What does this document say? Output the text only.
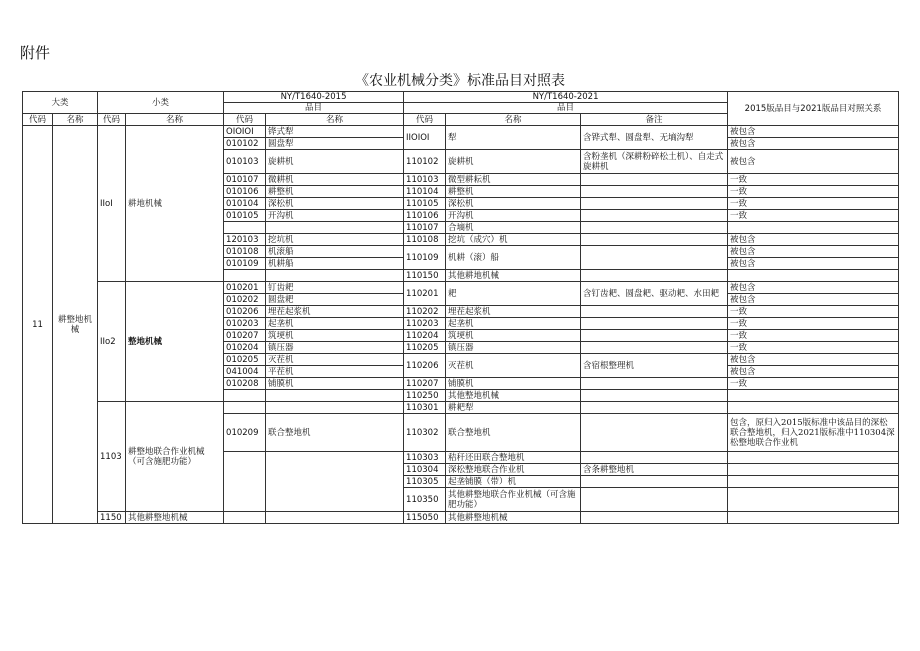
附件
《农业机械分类》标准品目对照表
大类		小类		NY/T1640-2015		NY/T1640-2021			2015版品目与2021版品目对照关系
				品目		品目			
代码	名称	代码	名称	代码	名称	代码	名称	备注	
11	耕整地机械	IIoI	耕地机械	OIOIOI	铧式犁	IIOIOI	犁	含铧式犁、圆盘犁、无墒沟犁	被包含
				010102	圆盘犁				被包含
				010103	旋耕机	110102	旋耕机	含粉垄机（深耕粉碎松土机）、自走式旋耕机	被包含
				010107	微耕机	110103	微型耕耘机		一致
				010106	耕整机	110104	耕整机		一致
				010104	深松机	110105	深松机		一致
				010105	开沟机	110106	开沟机		一致
						110107	合墒机		
				120103	挖坑机	110108	挖坑（成穴）机		被包含
				010108	机滚船	110109	机耕（滚）船		被包含
				010109	机耕船				被包含
						110150	其他耕地机械		
		IIo2	整地机械	010201	钉齿耙	110201	耙	含钉齿耙、圆盘耙、驱动耙、水田耙	被包含
				010202	圆盘耙				被包含
				010206	埋茬起浆机	110202	埋茬起浆机		一致
				010203	起垄机	110203	起垄机		一致
				010207	筑埂机	110204	筑埂机		一致
				010204	镇压器	110205	镇压器		一致
				010205	灭茬机	110206	灭茬机	含宿根整理机	被包含
				041004	平茬机				被包含
				010208	铺膜机	110207	铺膜机		一致
						110250	其他整地机械		
		1103	耕整地联合作业机械（可含施肥功能）			110301	耕耙犁		
				010209	联合整地机	110302	联合整地机		包含，原归入2015版标准中该品目的深松联合整地机，归入2021版标准中110304深松整地联合作业机
						110303	秸秆还田联合整地机		
						110304	深松整地联合作业机	含条耕整地机	
						110305	起垄铺膜（带）机		
						110350	其他耕整地联合作业机械（可含施肥功能）		
		1150	其他耕整地机械			115050	其他耕整地机械		
